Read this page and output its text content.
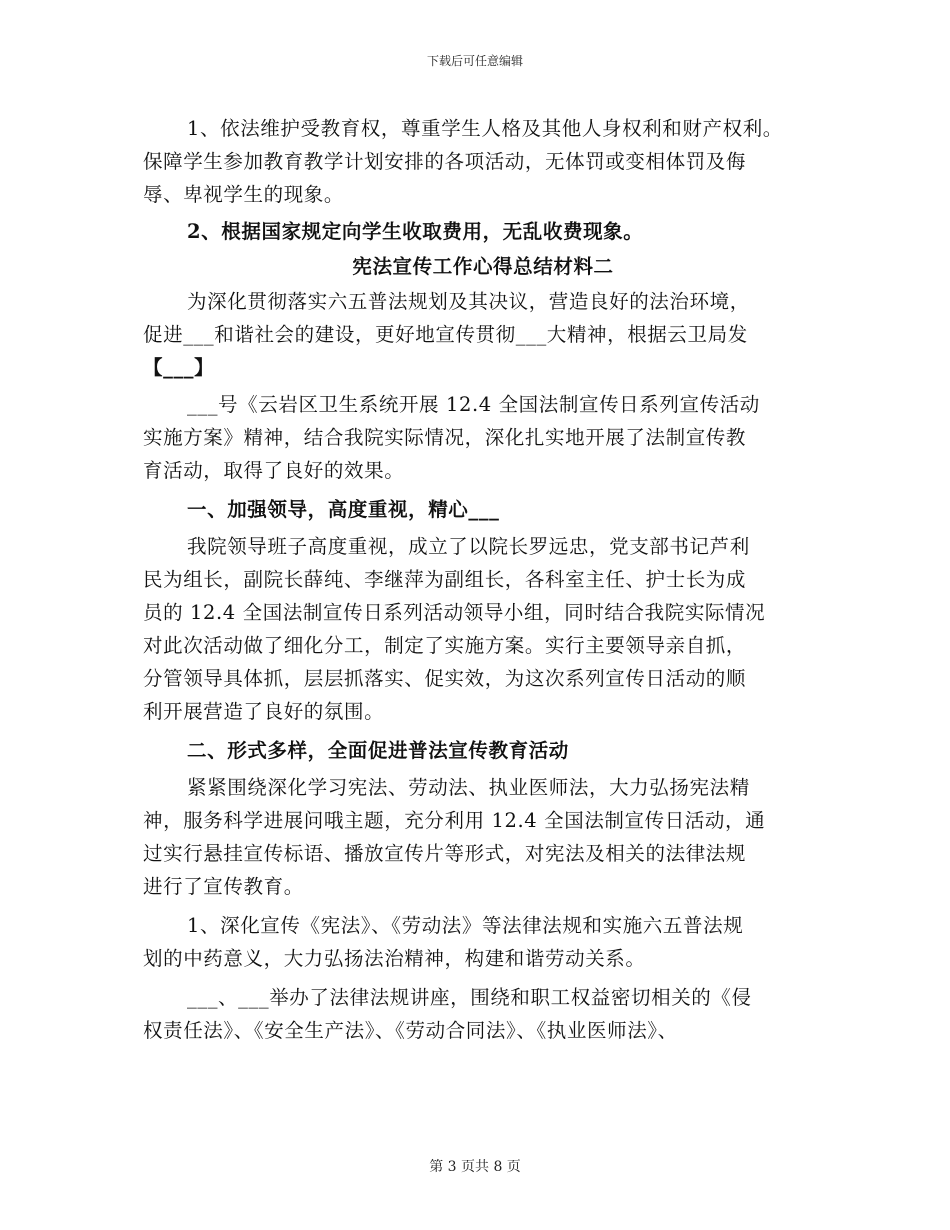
下载后可任意编辑
1、依法维护受教育权，尊重学生人格及其他人身权利和财产权利。
保障学生参加教育教学计划安排的各项活动，无体罚或变相体罚及侮
辱、卑视学生的现象。
2、根据国家规定向学生收取费用，无乱收费现象。
宪法宣传工作心得总结材料二
为深化贯彻落实六五普法规划及其决议，营造良好的法治环境，
促进___和谐社会的建设，更好地宣传贯彻___大精神，根据云卫局发
【___】
___号《云岩区卫生系统开展 12.4 全国法制宣传日系列宣传活动
实施方案》精神，结合我院实际情况，深化扎实地开展了法制宣传教
育活动，取得了良好的效果。
一、加强领导，高度重视，精心___
我院领导班子高度重视，成立了以院长罗远忠，党支部书记芦利
民为组长，副院长薛纯、李继萍为副组长，各科室主任、护士长为成
员的 12.4 全国法制宣传日系列活动领导小组，同时结合我院实际情况
对此次活动做了细化分工，制定了实施方案。实行主要领导亲自抓，
分管领导具体抓，层层抓落实、促实效，为这次系列宣传日活动的顺
利开展营造了良好的氛围。
二、形式多样，全面促进普法宣传教育活动
紧紧围绕深化学习宪法、劳动法、执业医师法，大力弘扬宪法精
神，服务科学进展问哦主题，充分利用 12.4 全国法制宣传日活动，通
过实行悬挂宣传标语、播放宣传片等形式，对宪法及相关的法律法规
进行了宣传教育。
1、深化宣传《宪法》、《劳动法》等法律法规和实施六五普法规
划的中药意义，大力弘扬法治精神，构建和谐劳动关系。
___、___举办了法律法规讲座，围绕和职工权益密切相关的《侵
权责任法》、《安全生产法》、《劳动合同法》、《执业医师法》、
第 3 页共 8 页
